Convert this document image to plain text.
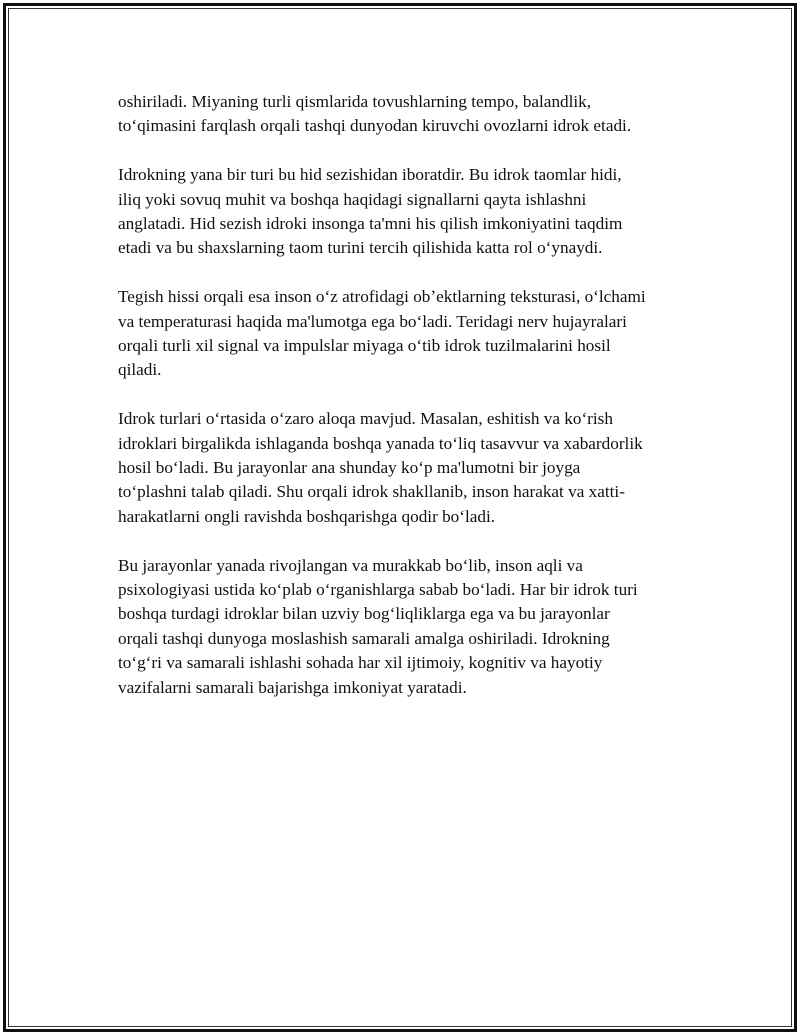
oshiriladi. Miyaning turli qismlarida tovushlarning tempo, balandlik,
toʻqimasini farqlash orqali tashqi dunyodan kiruvchi ovozlarni idrok etadi.

Idrokning yana bir turi bu hid sezishidan iboratdir. Bu idrok taomlar hidi,
iliq yoki sovuq muhit va boshqa haqidagi signallarni qayta ishlashni
anglatadi. Hid sezish idroki insonga ta'mni his qilish imkoniyatini taqdim
etadi va bu shaxslarning taom turini tercih qilishida katta rol oʻynaydi.

Tegish hissi orqali esa inson oʻz atrofidagi obʼektlarning teksturasi, oʻlchami
va temperaturasi haqida ma'lumotga ega boʻladi. Teridagi nerv hujayralari
orqali turli xil signal va impulslar miyaga oʻtib idrok tuzilmalarini hosil
qiladi.

Idrok turlari oʻrtasida oʻzaro aloqa mavjud. Masalan, eshitish va koʻrish
idroklari birgalikda ishlaganda boshqa yanada toʻliq tasavvur va xabardorlik
hosil boʻladi. Bu jarayonlar ana shunday koʻp ma'lumotni bir joyga
toʻplashni talab qiladi. Shu orqali idrok shakllanib, inson harakat va xatti-
harakatlarni ongli ravishda boshqarishga qodir boʻladi.

Bu jarayonlar yanada rivojlangan va murakkab boʻlib, inson aqli va
psixologiyasi ustida koʻplab oʻrganishlarga sabab boʻladi. Har bir idrok turi
boshqa turdagi idroklar bilan uzviy bogʻliqliklarga ega va bu jarayonlar
orqali tashqi dunyoga moslashish samarali amalga oshiriladi. Idrokning
toʻgʻri va samarali ishlashi sohada har xil ijtimoiy, kognitiv va hayotiy
vazifalarni samarali bajarishga imkoniyat yaratadi.
